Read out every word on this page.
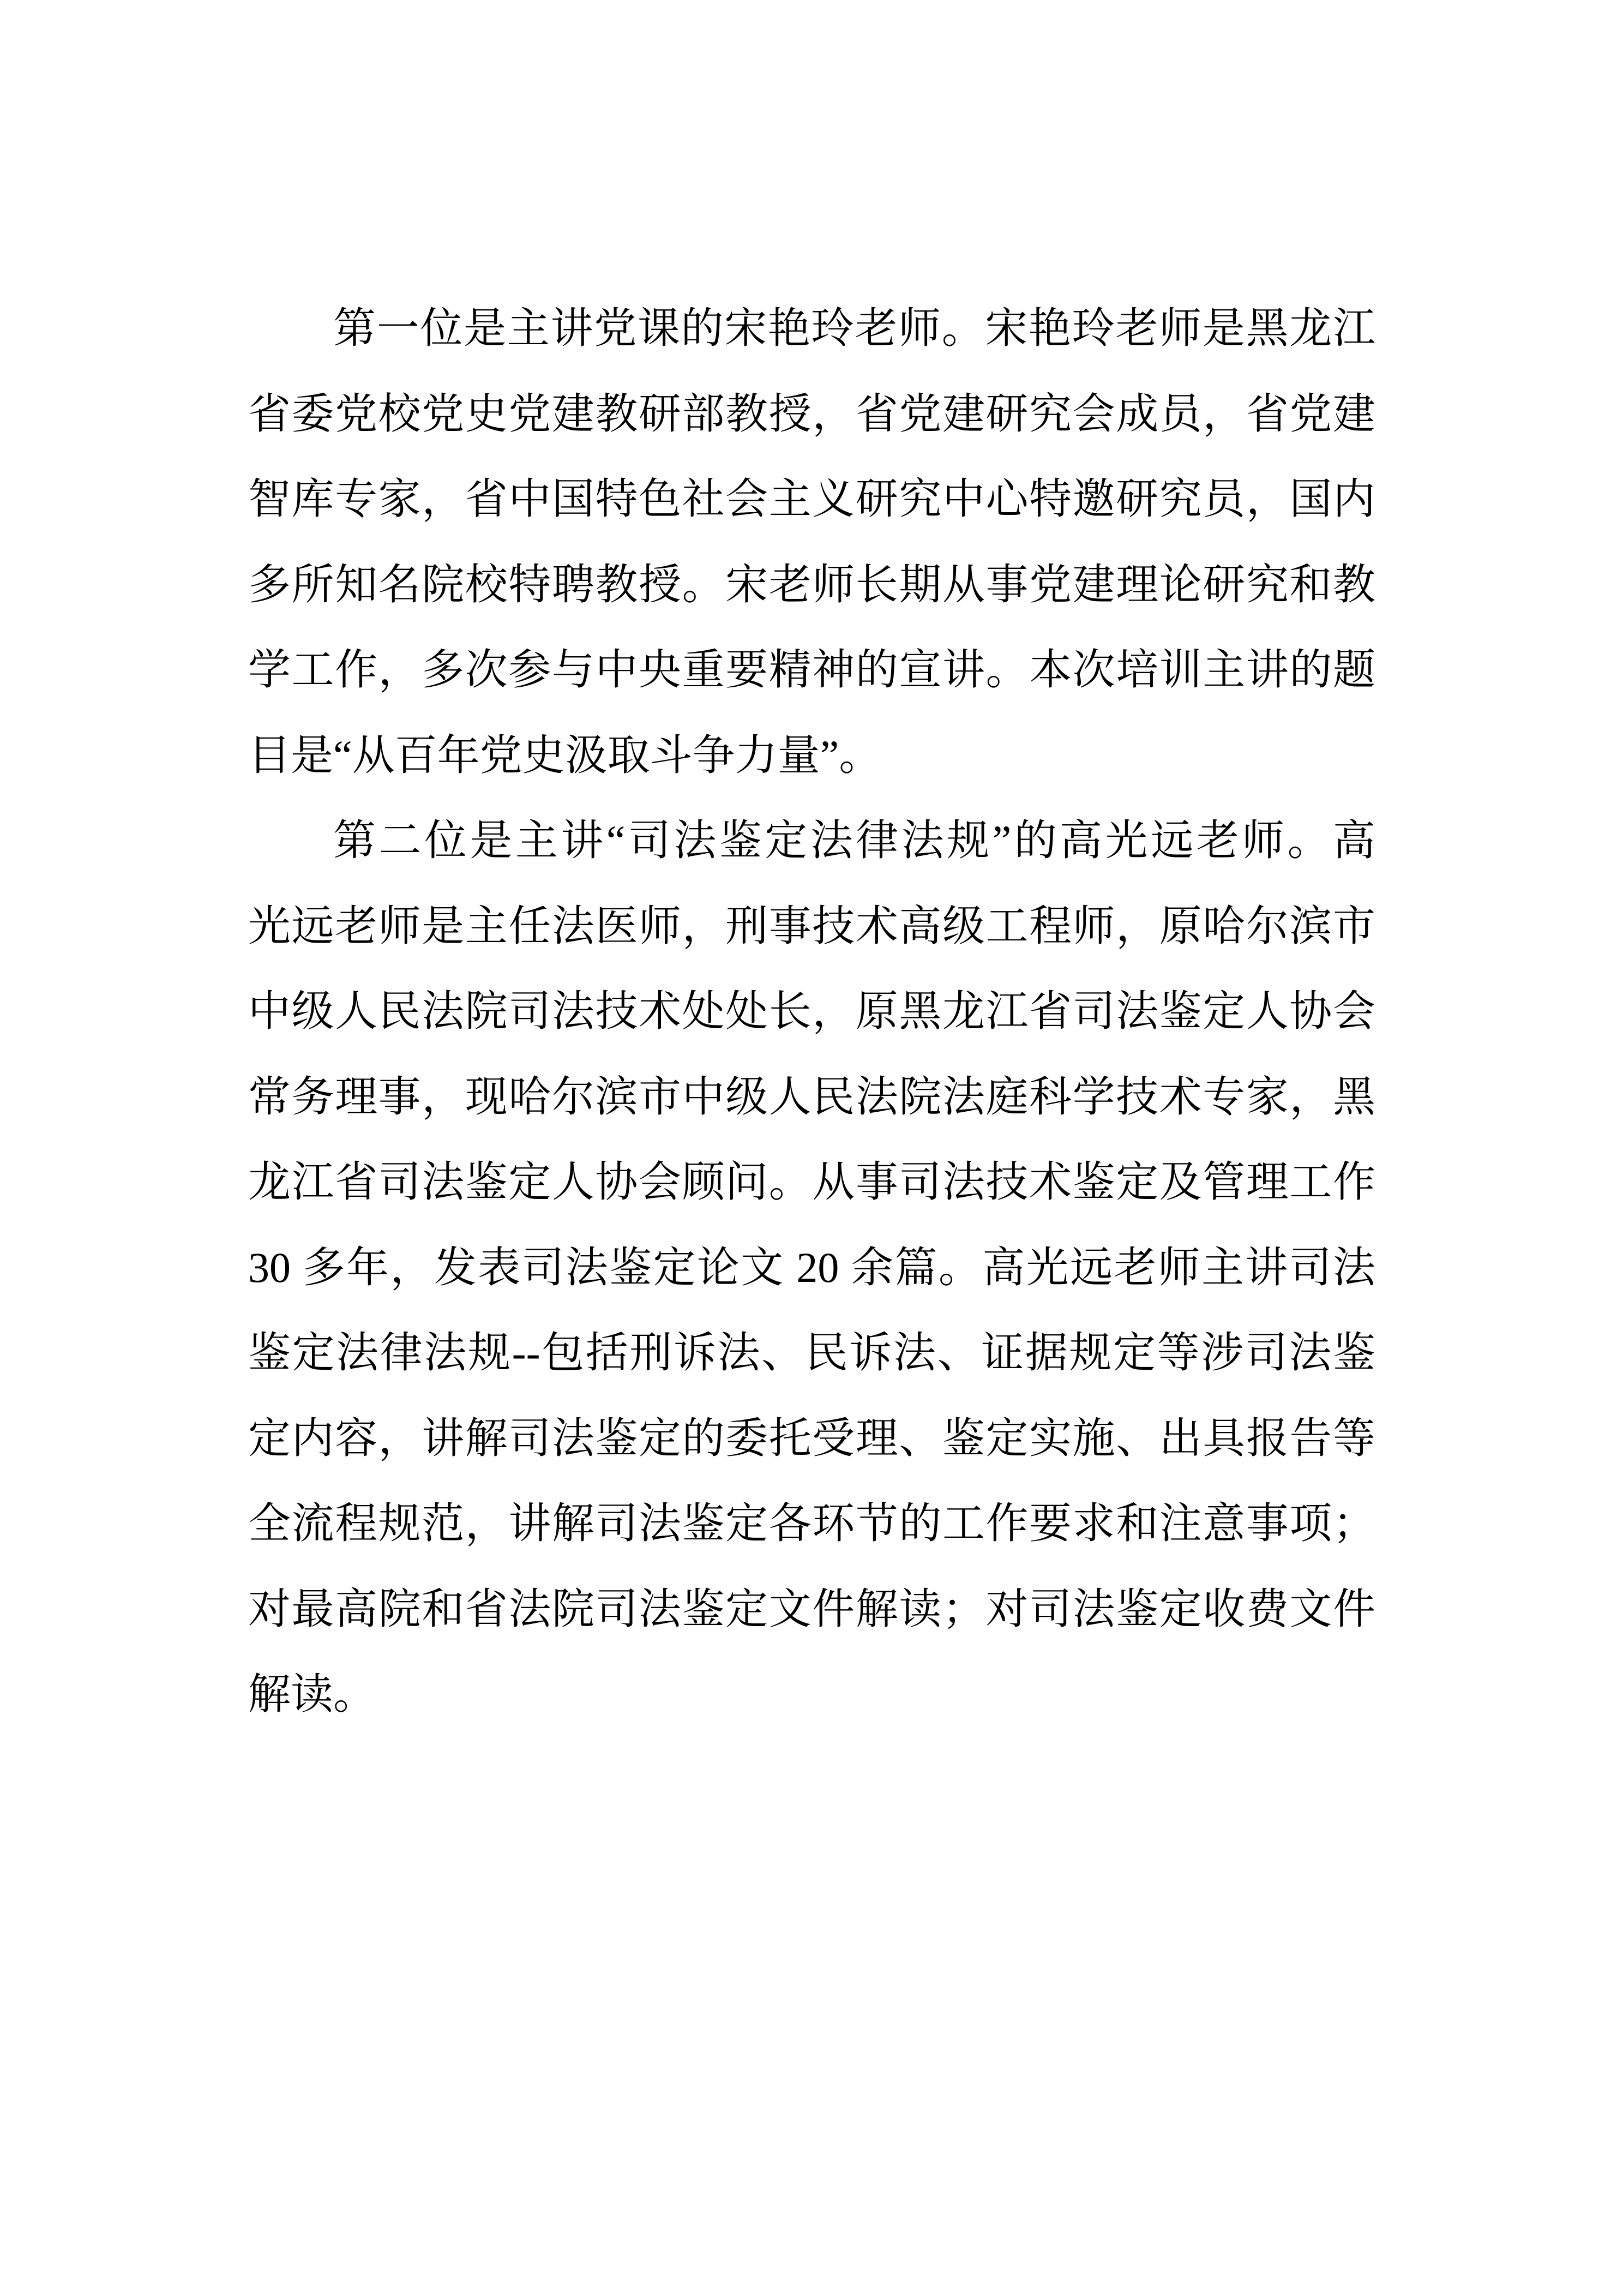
第一位是主讲党课的宋艳玲老师。宋艳玲老师是黑龙江
省委党校党史党建教研部教授，省党建研究会成员，省党建
智库专家，省中国特色社会主义研究中心特邀研究员，国内
多所知名院校特聘教授。宋老师长期从事党建理论研究和教
学工作，多次参与中央重要精神的宣讲。本次培训主讲的题
目是“从百年党史汲取斗争力量”。
第二位是主讲“司法鉴定法律法规”的高光远老师。高
光远老师是主任法医师，刑事技术高级工程师，原哈尔滨市
中级人民法院司法技术处处长，原黑龙江省司法鉴定人协会
常务理事，现哈尔滨市中级人民法院法庭科学技术专家，黑
龙江省司法鉴定人协会顾问。从事司法技术鉴定及管理工作
30 多年，发表司法鉴定论文 20 余篇。高光远老师主讲司法
鉴定法律法规--包括刑诉法、民诉法、证据规定等涉司法鉴
定内容，讲解司法鉴定的委托受理、鉴定实施、出具报告等
全流程规范，讲解司法鉴定各环节的工作要求和注意事项；
对最高院和省法院司法鉴定文件解读；对司法鉴定收费文件
解读。
